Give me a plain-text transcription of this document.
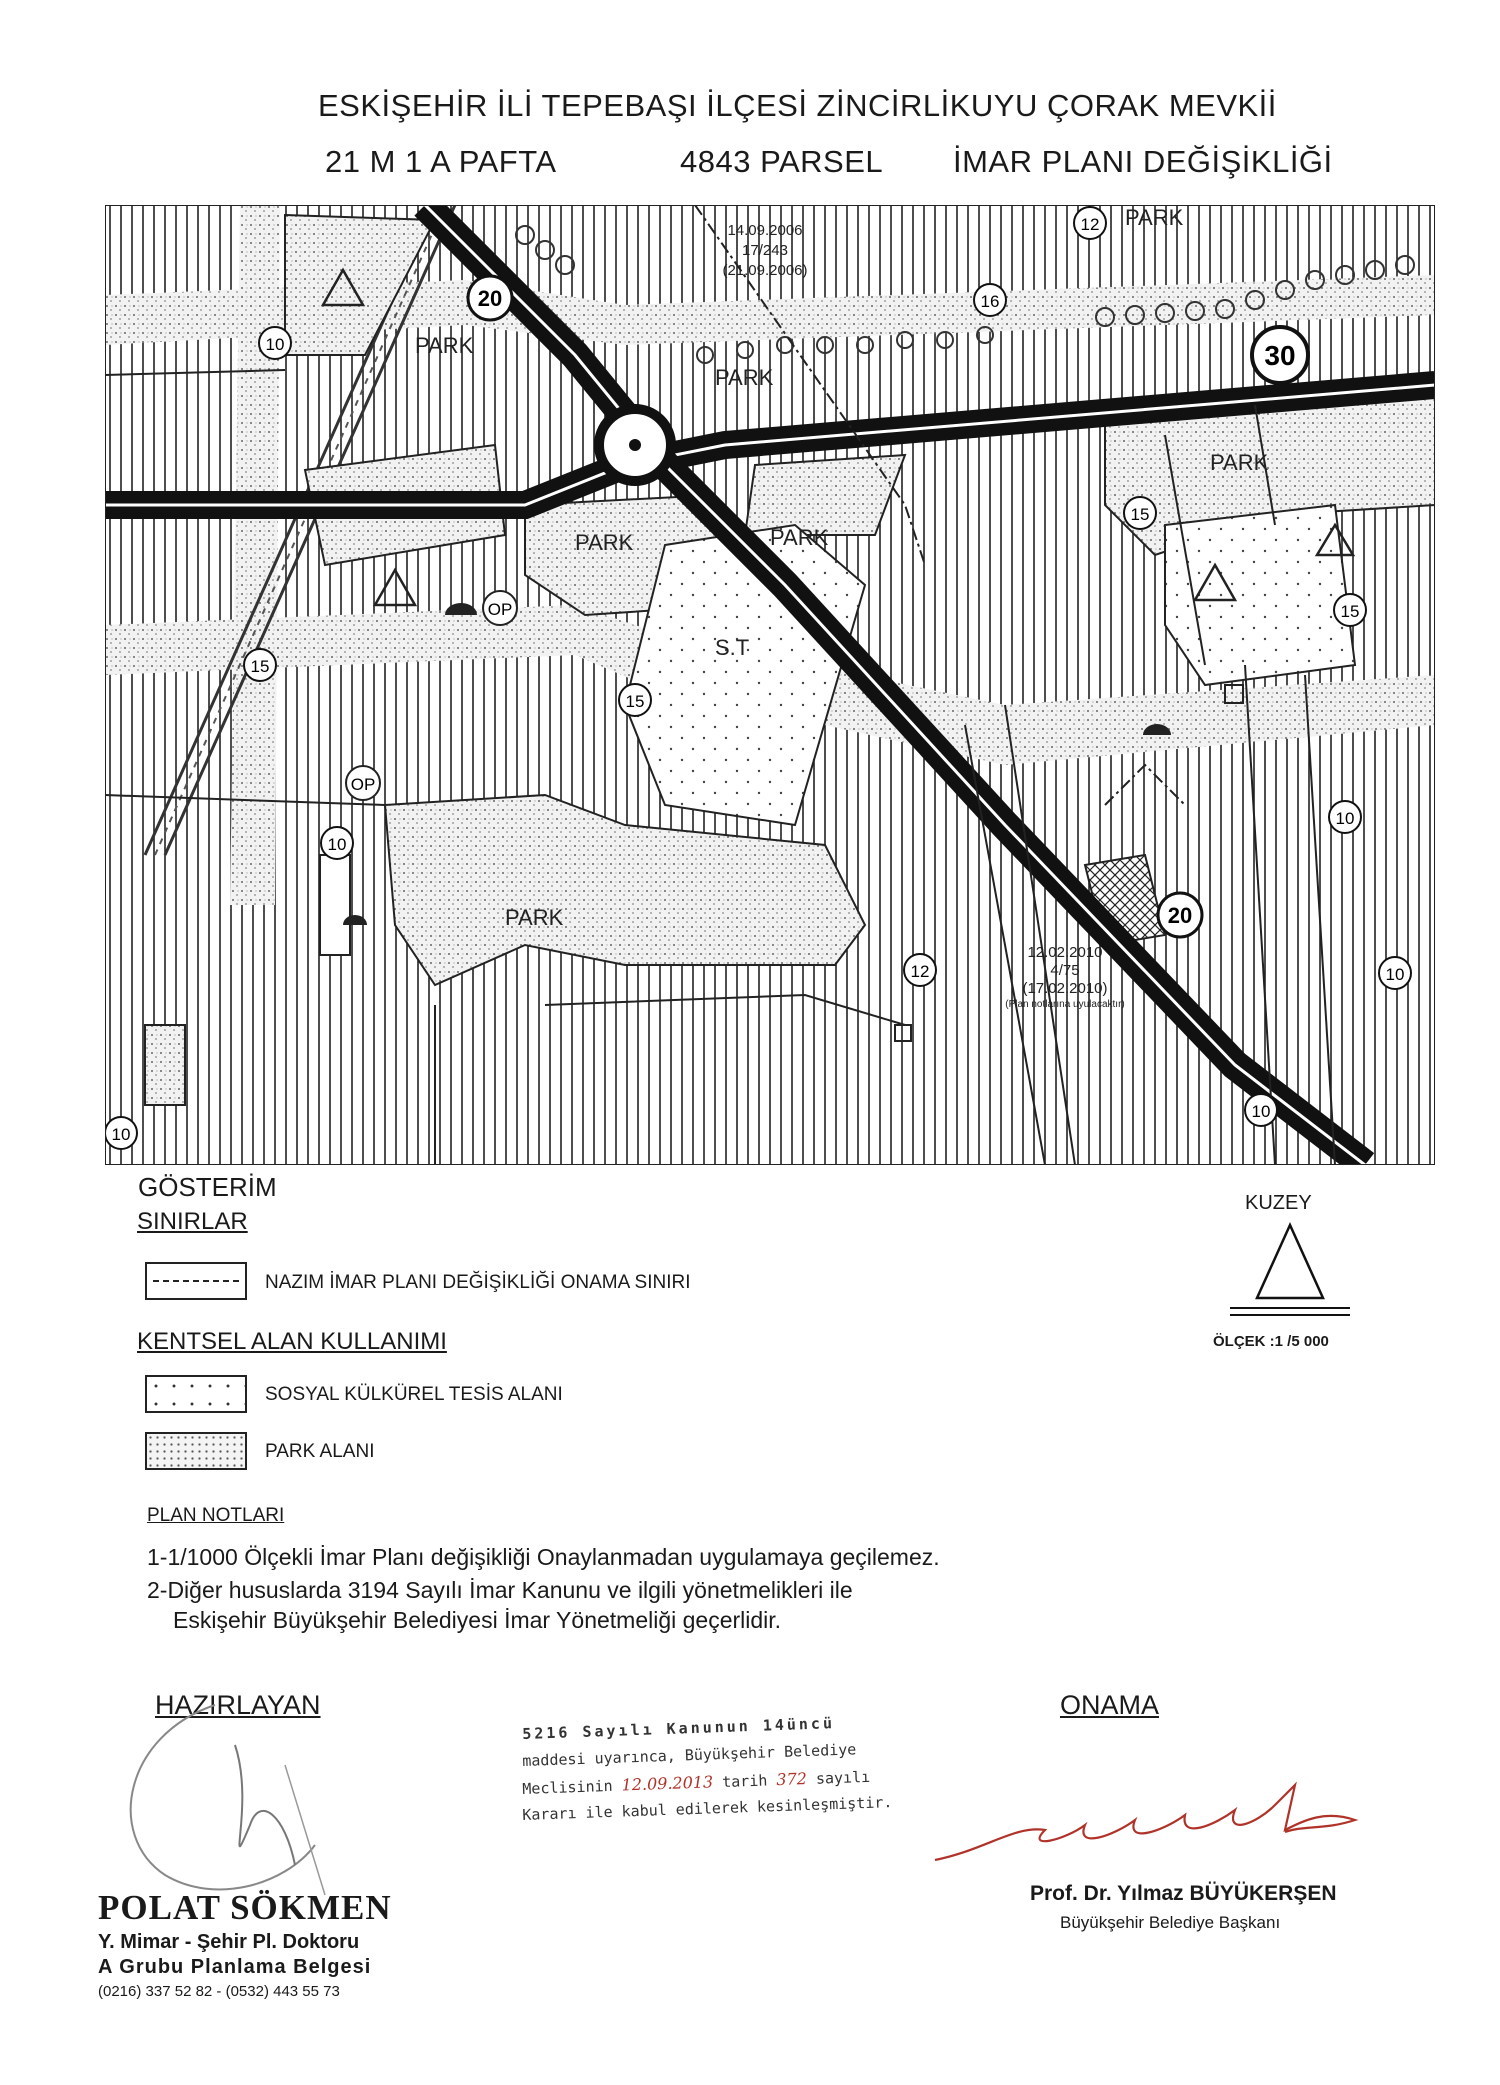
ESKİŞEHİR İLİ TEPEBAŞI İLÇESİ ZİNCİRLİKUYU ÇORAK MEVKİİ
21 M 1 A PAFTA	4843 PARSEL İMAR PLANI DEĞİŞİKLİĞİ
OP
OP
PARK
PARK
PARK
PARK	PARK
PARK
PARK
S.T
20
20
30
10
10
10
10
10
10
15
15
15
15
12
12
16
14.09.2006
17/243
(21.09.2006)
12.02.2010
4/75
(17.02.2010)
(Plan notlarına uyulacaktır)
GÖSTERİM
SINIRLAR
NAZIM İMAR PLANI DEĞİŞİKLİĞİ ONAMA SINIRI
KENTSEL ALAN KULLANIMI
SOSYAL KÜLKÜREL TESİS ALANI
PARK ALANI
KUZEY
ÖLÇEK :1 /5 000
PLAN NOTLARI
1-1/1000 Ölçekli İmar Planı değişikliği Onaylanmadan uygulamaya geçilemez.
2-Diğer hususlarda 3194 Sayılı İmar Kanunu ve ilgili yönetmelikleri ile
Eskişehir Büyükşehir Belediyesi İmar Yönetmeliği geçerlidir.
HAZIRLAYAN
POLAT SÖKMEN
Y. Mimar - Şehir Pl. Doktoru
A Grubu Planlama Belgesi
(0216) 337 52 82 - (0532) 443 55 73
5216 Sayılı Kanunun 14üncü
maddesi uyarınca, Büyükşehir Belediye
Meclisinin 12.09.2013 tarih 372 sayılı
Kararı ile kabul edilerek kesinleşmiştir.
ONAMA
Prof. Dr. Yılmaz BÜYÜKERŞEN
Büyükşehir Belediye Başkanı
